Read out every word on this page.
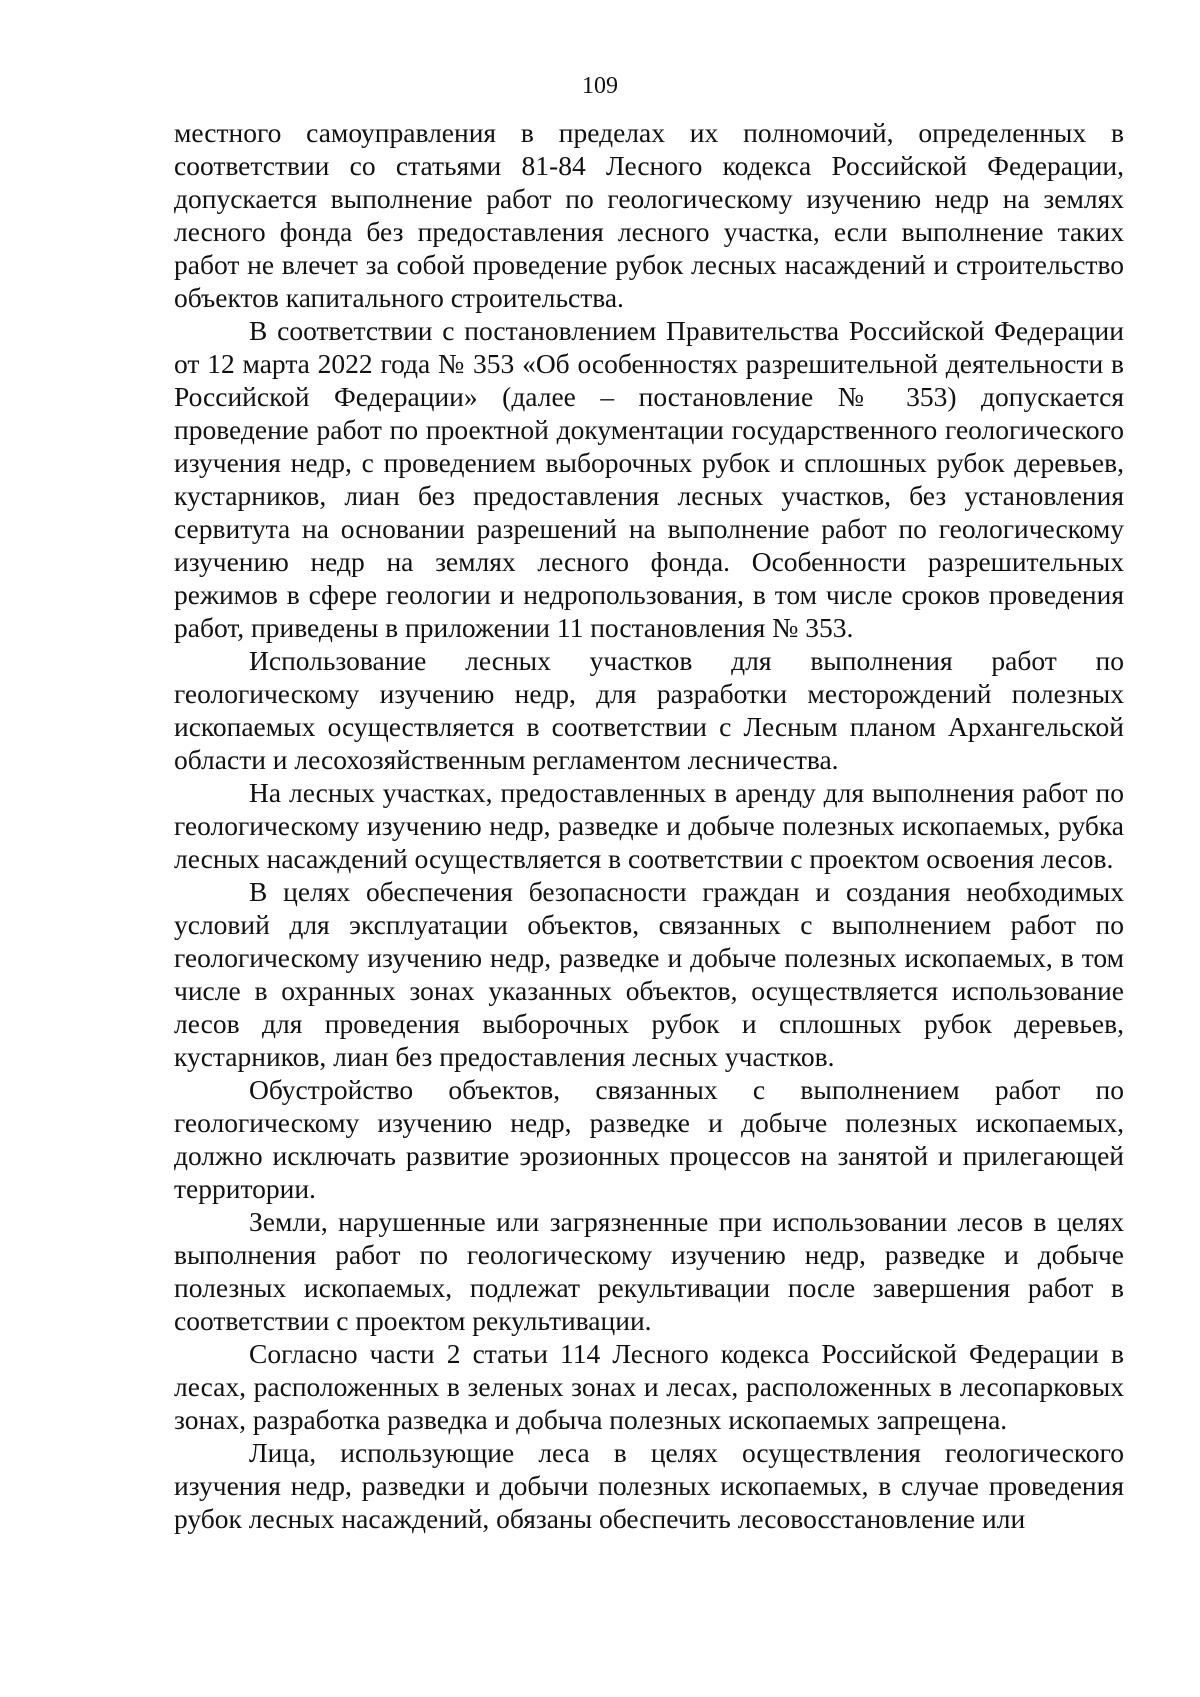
109

местного самоуправления в пределах их полномочий, определенных в соответствии со статьями 81-84 Лесного кодекса Российской Федерации, допускается выполнение работ по геологическому изучению недр на землях лесного фонда без предоставления лесного участка, если выполнение таких работ не влечет за собой проведение рубок лесных насаждений и строительство объектов капитального строительства.

В соответствии с постановлением Правительства Российской Федерации от 12 марта 2022 года № 353 «Об особенностях разрешительной деятельности в Российской Федерации» (далее – постановление № 353) допускается проведение работ по проектной документации государственного геологического изучения недр, с проведением выборочных рубок и сплошных рубок деревьев, кустарников, лиан без предоставления лесных участков, без установления сервитута на основании разрешений на выполнение работ по геологическому изучению недр на землях лесного фонда. Особенности разрешительных режимов в сфере геологии и недропользования, в том числе сроков проведения работ, приведены в приложении 11 постановления № 353.

Использование лесных участков для выполнения работ по геологическому изучению недр, для разработки месторождений полезных ископаемых осуществляется в соответствии с Лесным планом Архангельской области и лесохозяйственным регламентом лесничества.

На лесных участках, предоставленных в аренду для выполнения работ по геологическому изучению недр, разведке и добыче полезных ископаемых, рубка лесных насаждений осуществляется в соответствии с проектом освоения лесов.

В целях обеспечения безопасности граждан и создания необходимых условий для эксплуатации объектов, связанных с выполнением работ по геологическому изучению недр, разведке и добыче полезных ископаемых, в том числе в охранных зонах указанных объектов, осуществляется использование лесов для проведения выборочных рубок и сплошных рубок деревьев, кустарников, лиан без предоставления лесных участков.

Обустройство объектов, связанных с выполнением работ по геологическому изучению недр, разведке и добыче полезных ископаемых, должно исключать развитие эрозионных процессов на занятой и прилегающей территории.

Земли, нарушенные или загрязненные при использовании лесов в целях выполнения работ по геологическому изучению недр, разведке и добыче полезных ископаемых, подлежат рекультивации после завершения работ в соответствии с проектом рекультивации.

Согласно части 2 статьи 114 Лесного кодекса Российской Федерации в лесах, расположенных в зеленых зонах и лесах, расположенных в лесопарковых зонах, разработка разведка и добыча полезных ископаемых запрещена.

Лица, использующие леса в целях осуществления геологического изучения недр, разведки и добычи полезных ископаемых, в случае проведения рубок лесных насаждений, обязаны обеспечить лесовосстановление или
